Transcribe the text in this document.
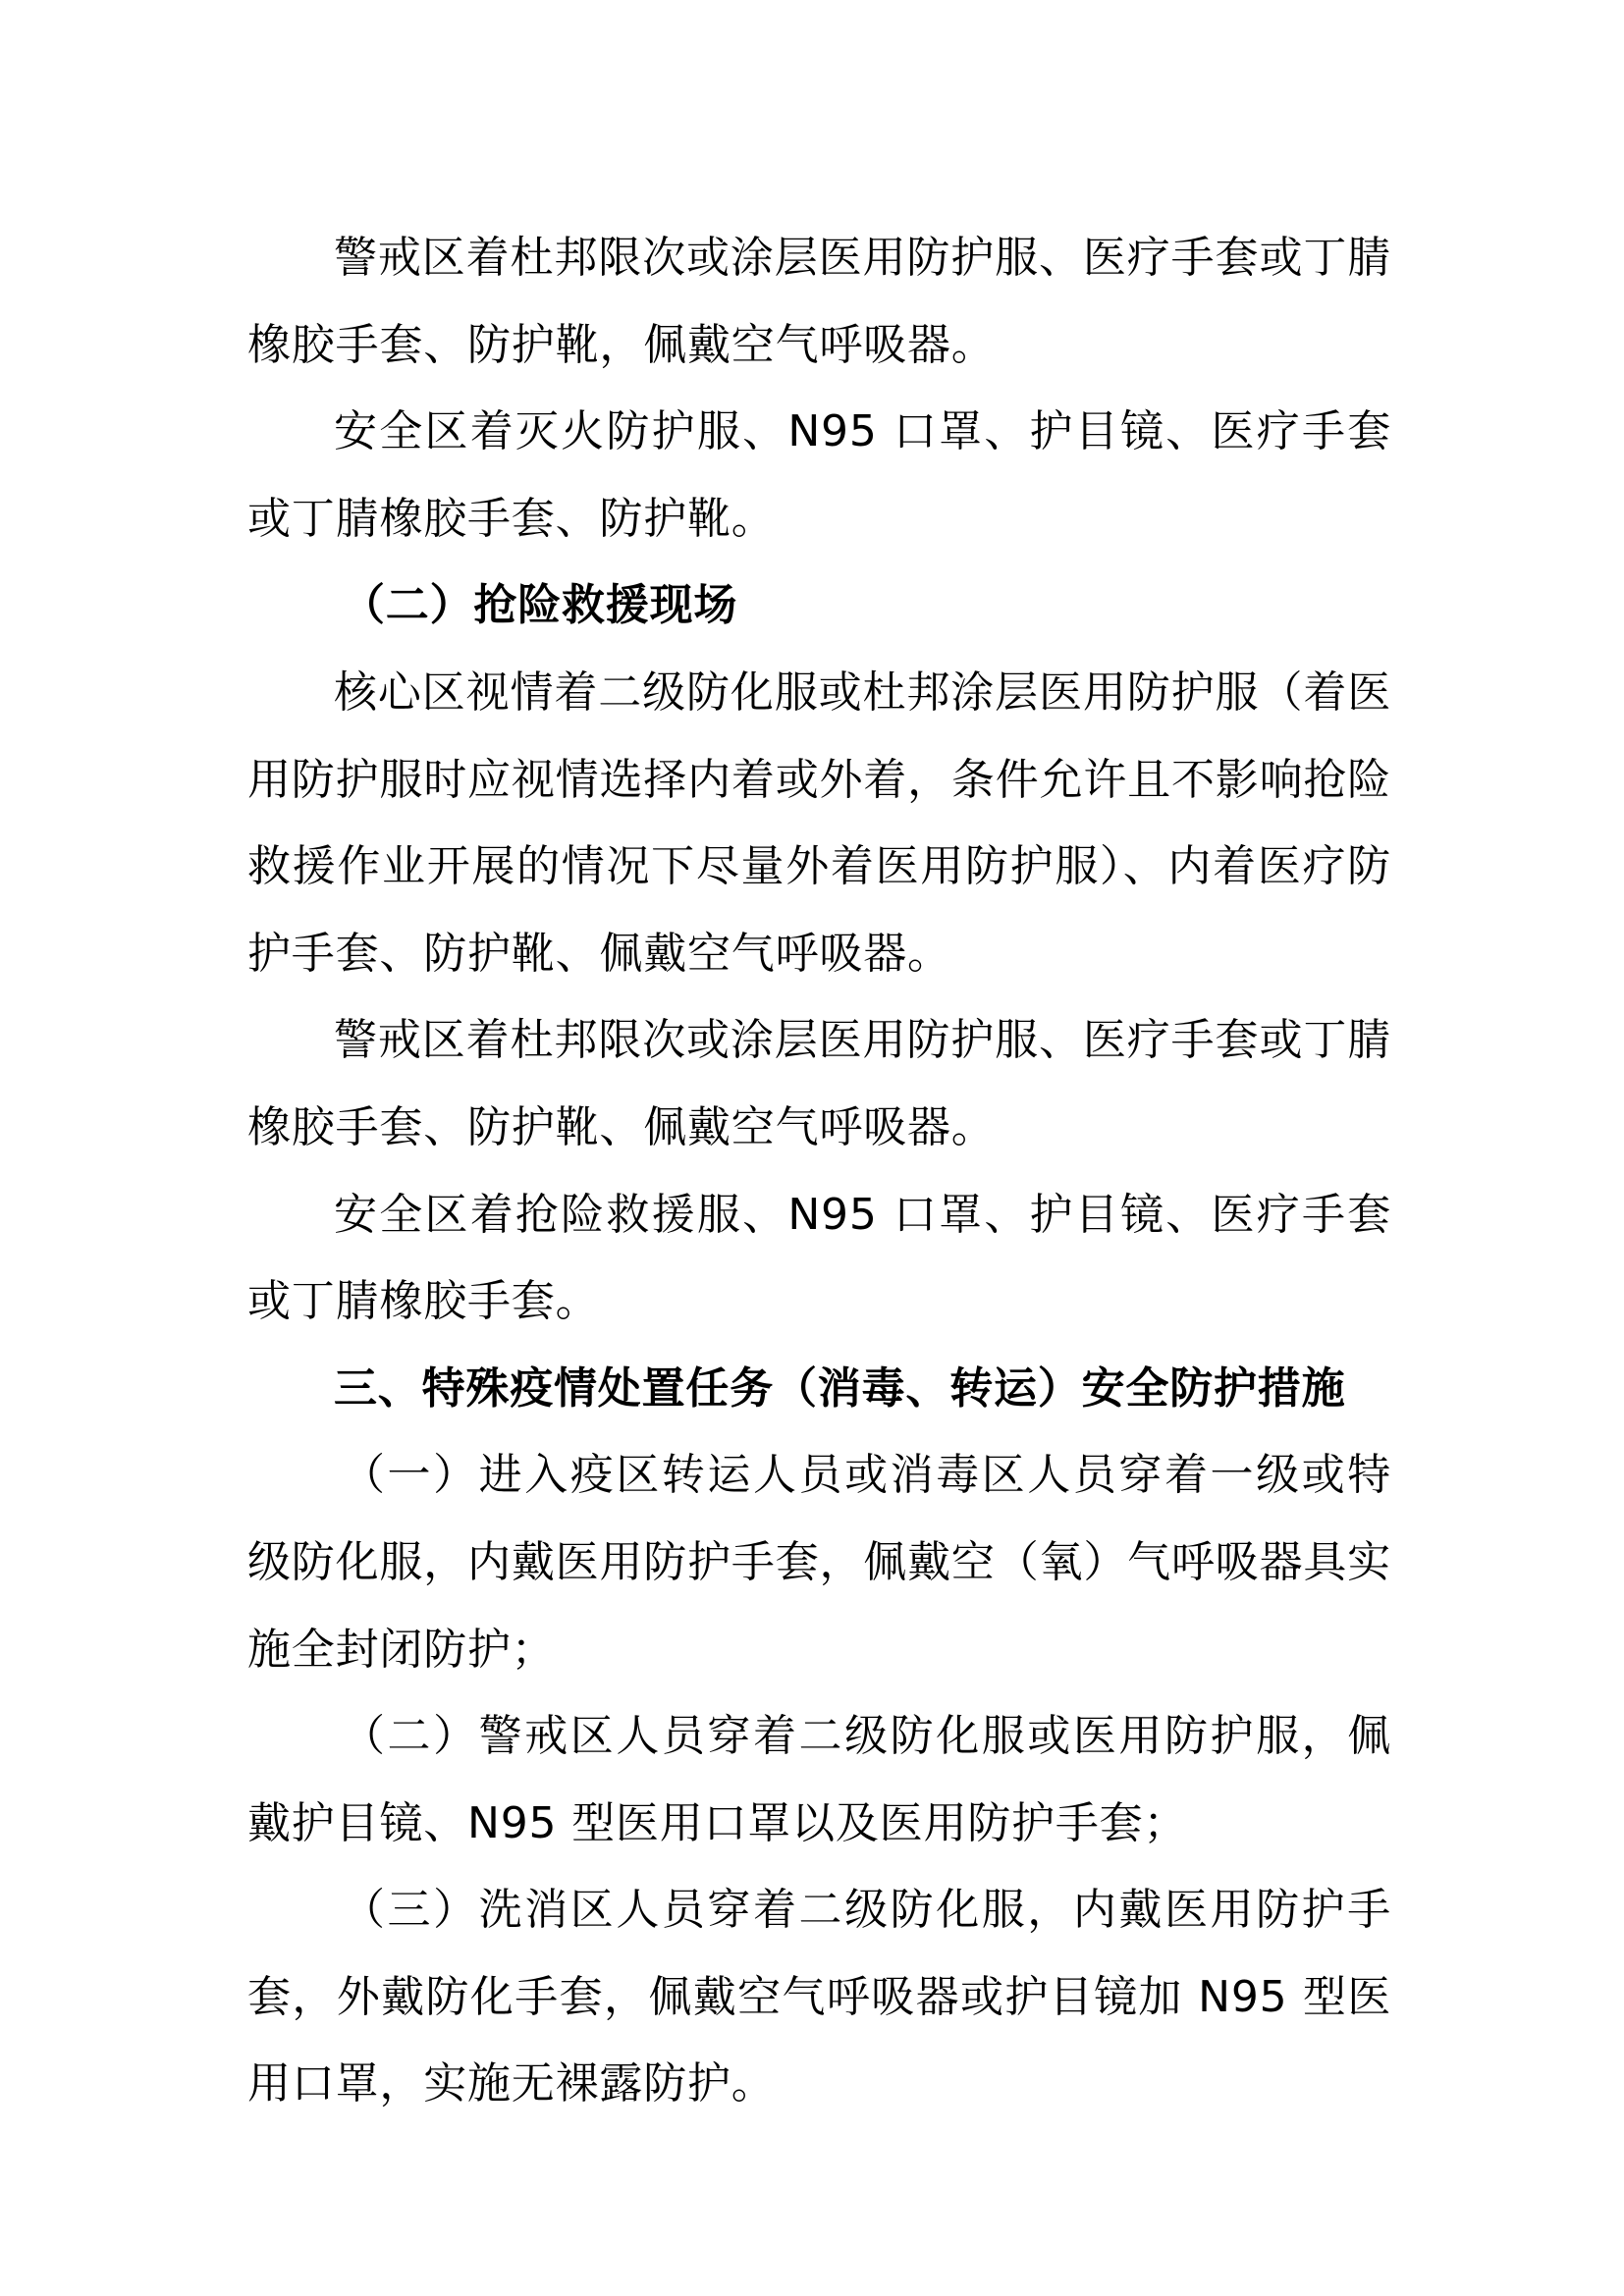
警戒区着杜邦限次或涂层医用防护服、医疗手套或丁腈橡胶手套、防护靴，佩戴空气呼吸器。

安全区着灭火防护服、N95 口罩、护目镜、医疗手套或丁腈橡胶手套、防护靴。

（二）抢险救援现场

核心区视情着二级防化服或杜邦涂层医用防护服（着医用防护服时应视情选择内着或外着，条件允许且不影响抢险救援作业开展的情况下尽量外着医用防护服）、内着医疗防护手套、防护靴、佩戴空气呼吸器。

警戒区着杜邦限次或涂层医用防护服、医疗手套或丁腈橡胶手套、防护靴、佩戴空气呼吸器。

安全区着抢险救援服、N95 口罩、护目镜、医疗手套或丁腈橡胶手套。

三、特殊疫情处置任务（消毒、转运）安全防护措施

（一）进入疫区转运人员或消毒区人员穿着一级或特级防化服，内戴医用防护手套，佩戴空（氧）气呼吸器具实施全封闭防护；

（二）警戒区人员穿着二级防化服或医用防护服，佩戴护目镜、N95 型医用口罩以及医用防护手套；

（三）洗消区人员穿着二级防化服，内戴医用防护手套，外戴防化手套，佩戴空气呼吸器或护目镜加 N95 型医用口罩，实施无裸露防护。
